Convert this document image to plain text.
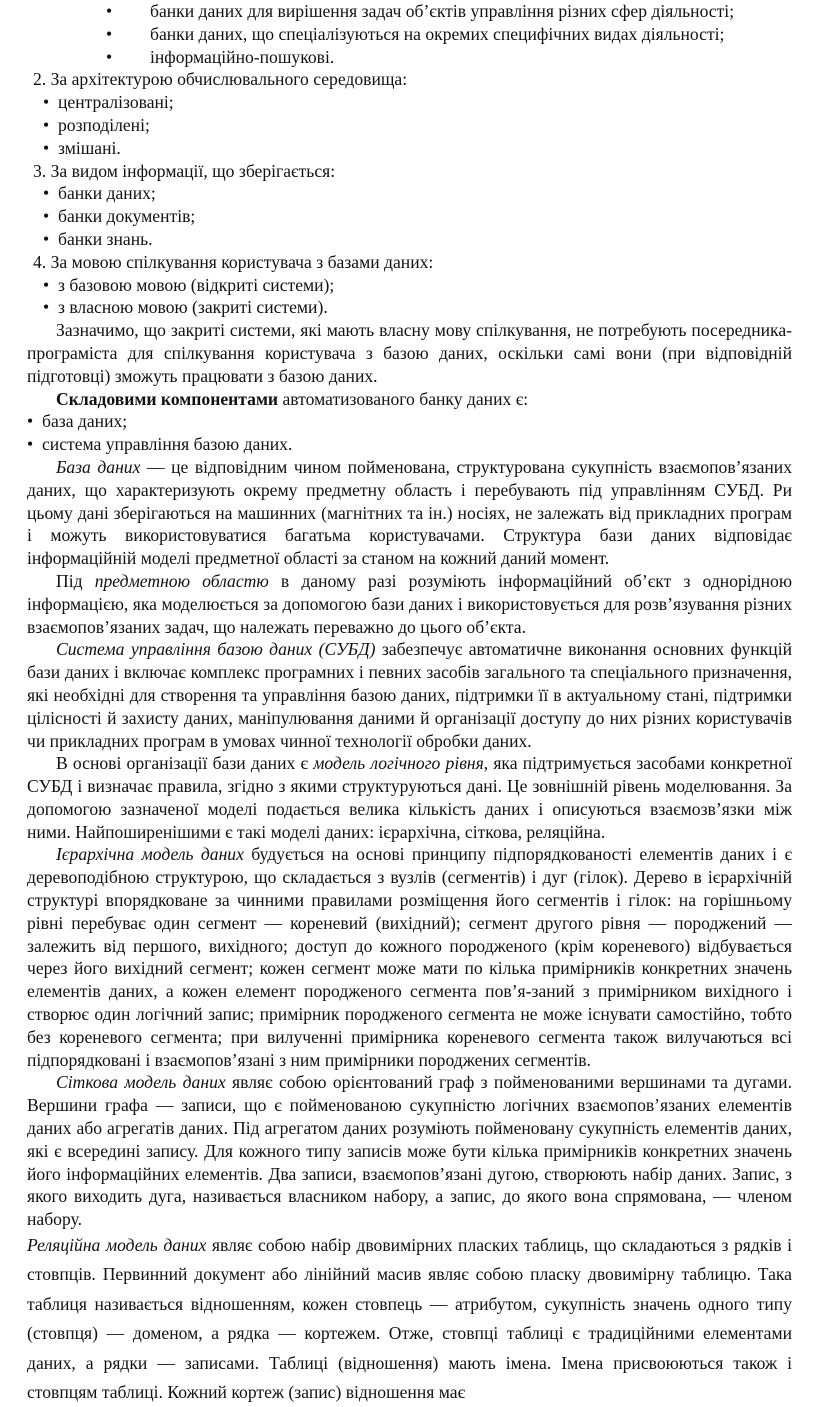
•	банки даних для вирішення задач об’єктів управління різних сфер діяльності;
•	банки даних, що спеціалізуються на окремих специфічних видах діяльності;
•	інформаційно-пошукові.
2. За архітектурою обчислювального середовища:
• централізовані;
• розподілені;
• змішані.
3. За видом інформації, що зберігається:
• банки даних;
• банки документів;
• банки знань.
4. За мовою спілкування користувача з базами даних:
• з базовою мовою (відкриті системи);
• з власною мовою (закриті системи).

Зазначимо, що закриті системи, які мають власну мову спілкування, не потребують посередника-програміста для спілкування користувача з базою даних, оскільки самі вони (при відповідній підготовці) зможуть працювати з базою даних.

Складовими компонентами автоматизованого банку даних є:

• база даних;
• система управління базою даних.

База даних — це відповідним чином пойменована, структурована сукупність взаємопов’язаних даних, що характеризують окрему предметну область і перебувають під управлінням СУБД. Ри цьому дані зберігаються на машинних (магнітних та ін.) носіях, не залежать від прикладних програм і можуть використовуватися багатьма користувачами. Структура бази даних відповідає інформаційній моделі предметної області за станом на кожний даний момент.

Під предметною областю в даному разі розуміють інформаційний об’єкт з однорідною інформацією, яка моделюється за допомогою бази даних і використовується для розв’язування різних взаємопов’язаних задач, що належать переважно до цього об’єкта.

Система управління базою даних (СУБД) забезпечує автоматичне виконання основних функцій бази даних і включає комплекс програмних і певних засобів загального та спеціального призначення, які необхідні для створення та управління базою даних, підтримки її в актуальному стані, підтримки цілісності й захисту даних, маніпулювання даними й організації доступу до них різних користувачів чи прикладних програм в умовах чинної технології обробки даних.

В основі організації бази даних є модель логічного рівня, яка підтримується засобами конкретної СУБД і визначає правила, згідно з якими структуруються дані. Це зовнішній рівень моделювання. За допомогою зазначеної моделі подається велика кількість даних і описуються взаємозв’язки між ними. Найпоширенішими є такі моделі даних: ієрархічна, сіткова, реляційна.

Ієрархічна модель даних будується на основі принципу підпорядкованості елементів даних і є деревоподібною структурою, що складається з вузлів (сегментів) і дуг (гілок). Дерево в ієрархічній структурі впорядковане за чинними правилами розміщення його сегментів і гілок: на горішньому рівні перебуває один сегмент — кореневий (вихідний); сегмент другого рівня — породжений — залежить від першого, вихідного; доступ до кожного породженого (крім кореневого) відбувається через його вихідний сегмент; кожен сегмент може мати по кілька примірників конкретних значень елементів даних, а кожен елемент породженого сегмента пов’я-заний з примірником вихідного і створює один логічний запис; примірник породженого сегмента не може існувати самостійно, тобто без кореневого сегмента; при вилученні примірника кореневого сегмента також вилучаються всі підпорядковані і взаємопов’язані з ним примірники породжених сегментів.

Сіткова модель даних являє собою орієнтований граф з пойменованими вершинами та дугами. Вершини графа — записи, що є пойменованою сукупністю логічних взаємопов’язаних елементів даних або агрегатів даних. Під агрегатом даних розуміють пойменовану сукупність елементів даних, які є всередині запису. Для кожного типу записів може бути кілька примірників конкретних значень його інформаційних елементів. Два записи, взаємопов’язані дугою, створюють набір даних. Запис, з якого виходить дуга, називається власником набору, а запис, до якого вона спрямована, — членом набору.

Реляційна модель даних являє собою набір двовимірних пласких таблиць, що складаються з рядків і стовпців. Первинний документ або лінійний масив являє собою пласку двовимірну таблицю. Така таблиця називається відношенням, кожен стовпець — атрибутом, сукупність значень одного типу (стовпця) — доменом, а рядка — кортежем. Отже, стовпці таблиці є традиційними елементами даних, а рядки — записами. Таблиці (відношення) мають імена. Імена присвоюються також і стовпцям таблиці. Кожний кортеж (запис) відношення має
